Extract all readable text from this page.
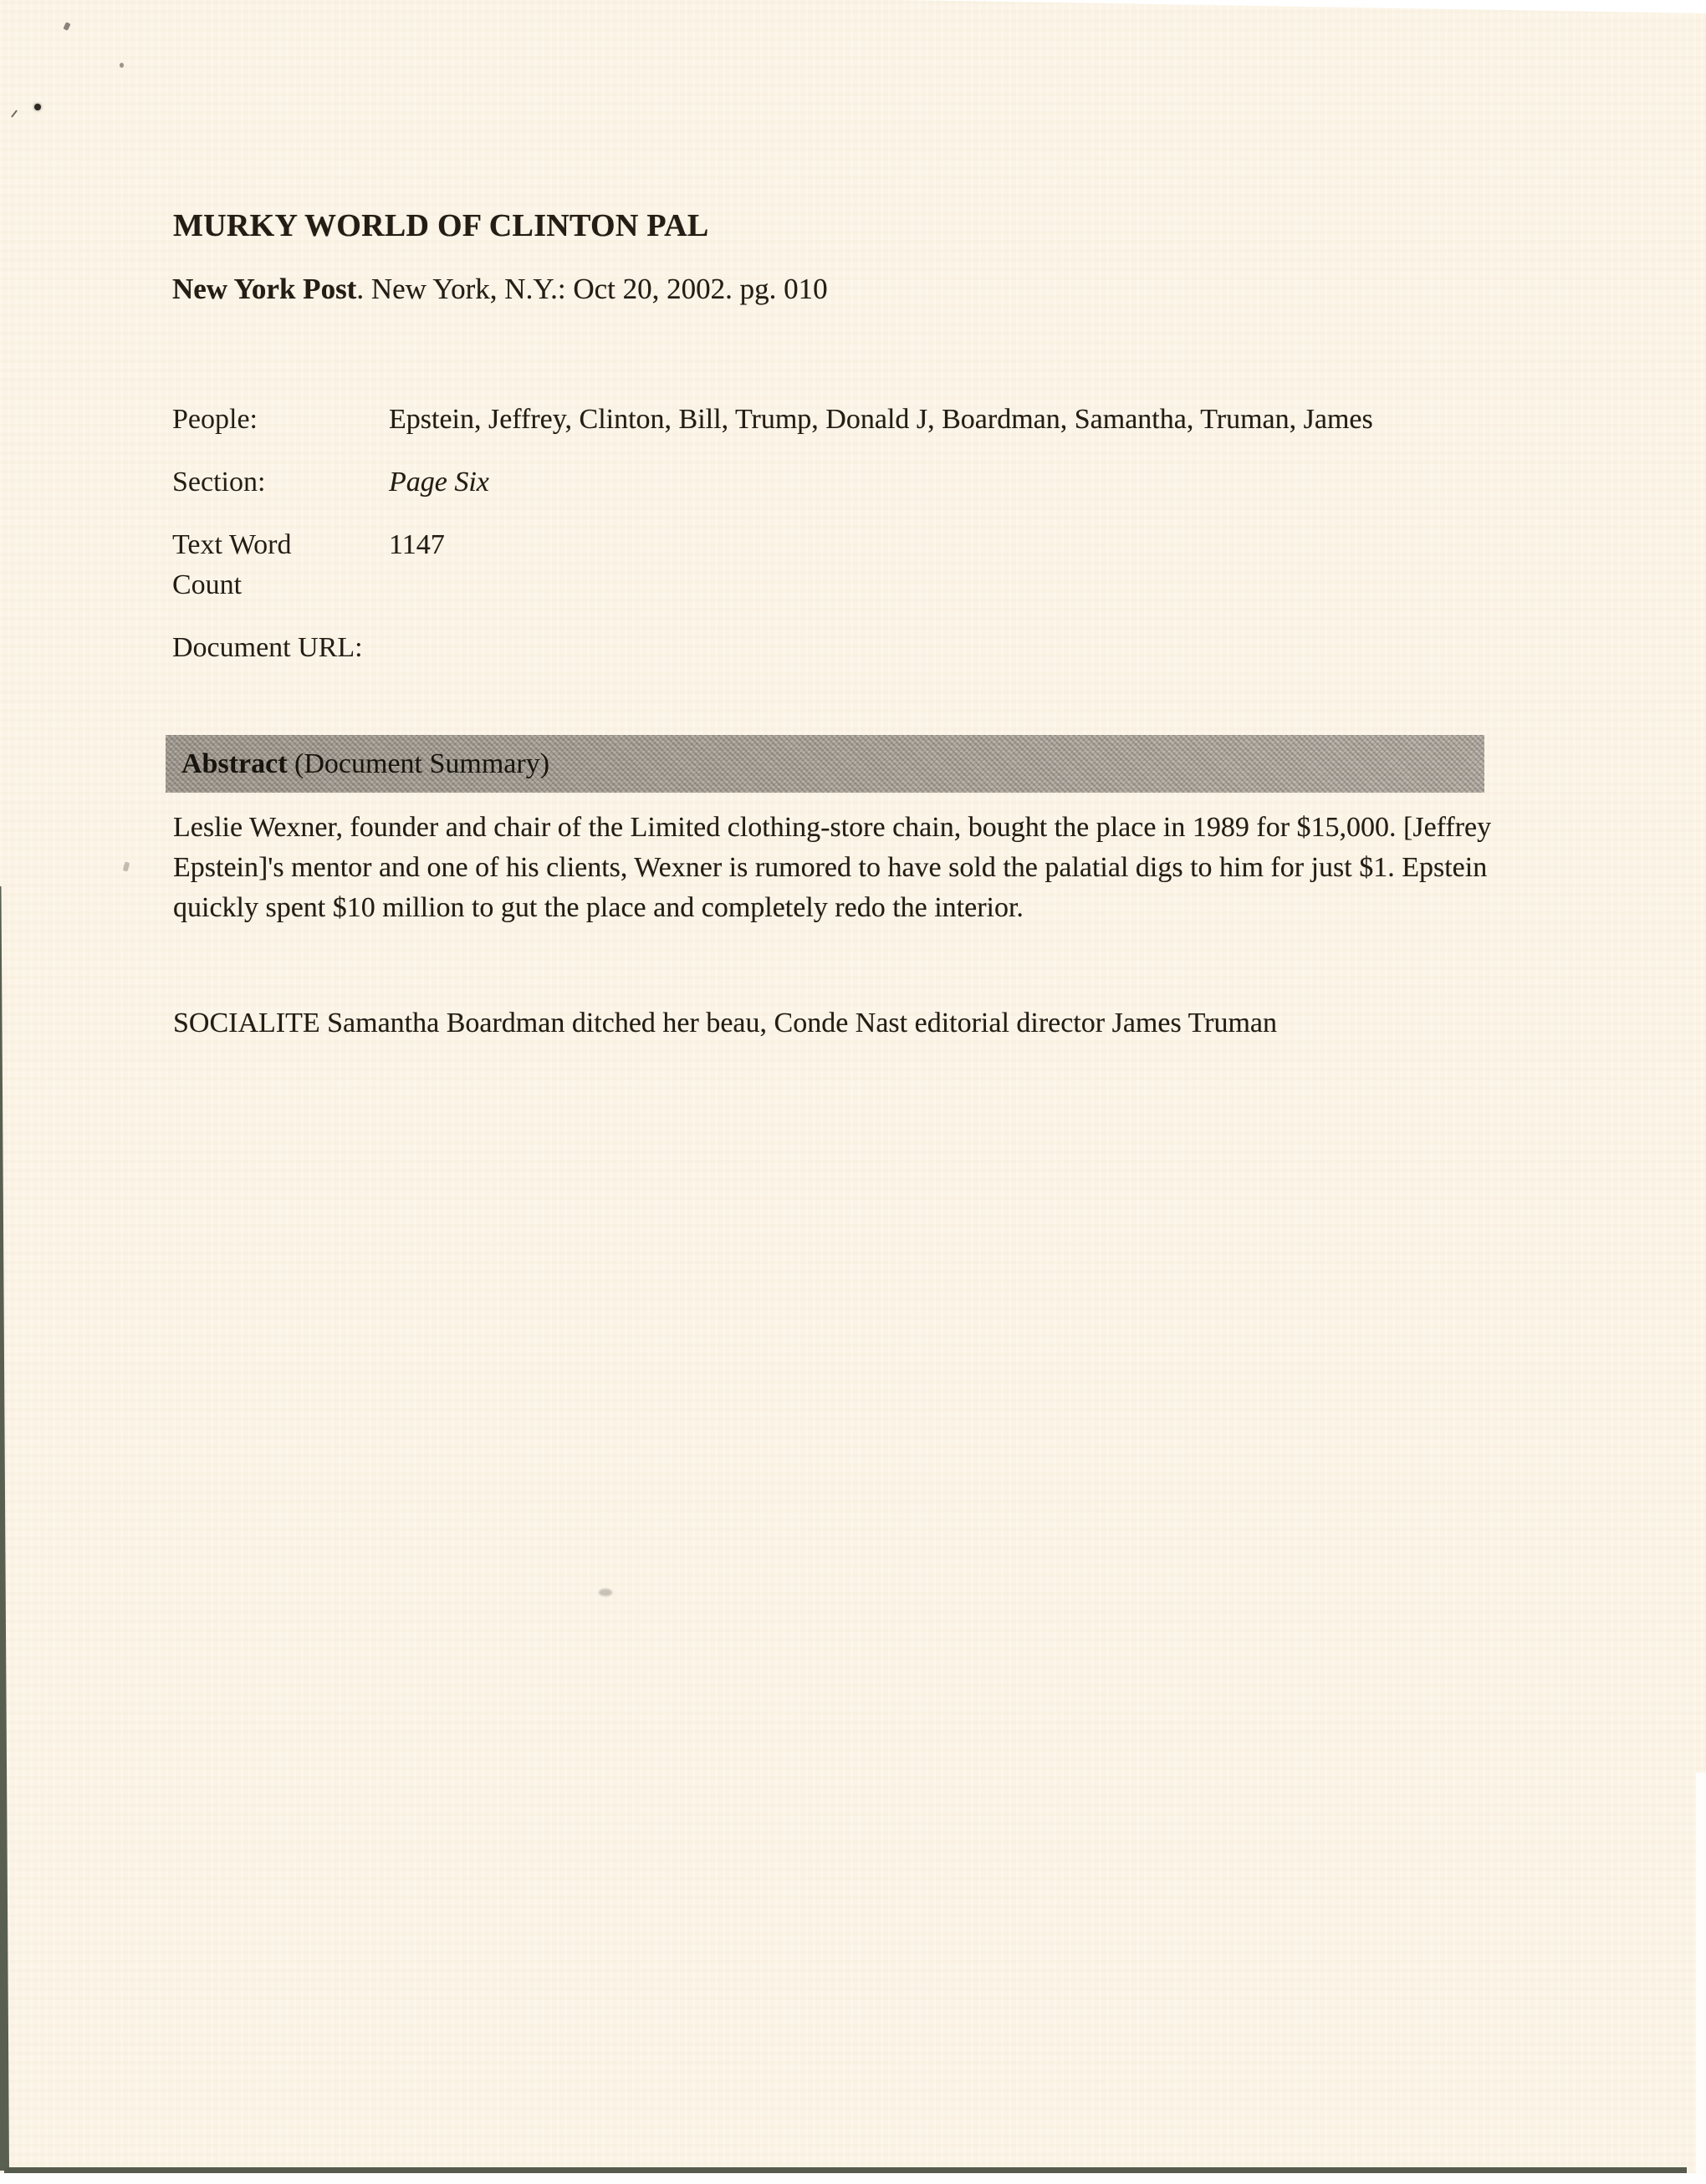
MURKY WORLD OF CLINTON PAL
New York Post. New York, N.Y.: Oct 20, 2002. pg. 010
People:	Epstein, Jeffrey, Clinton, Bill, Trump, Donald J, Boardman, Samantha, Truman, James
Section:	Page Six
Text Word Count
1147
Document URL:
Abstract (Document Summary)

Leslie Wexner, founder and chair of the Limited clothing-store chain, bought the place in 1989 for $15,000. [Jeffrey Epstein]'s mentor and one of his clients, Wexner is rumored to have sold the palatial digs to him for just $1. Epstein quickly spent $10 million to gut the place and completely redo the interior.

SOCIALITE Samantha Boardman ditched her beau, Conde Nast editorial director James Truman
